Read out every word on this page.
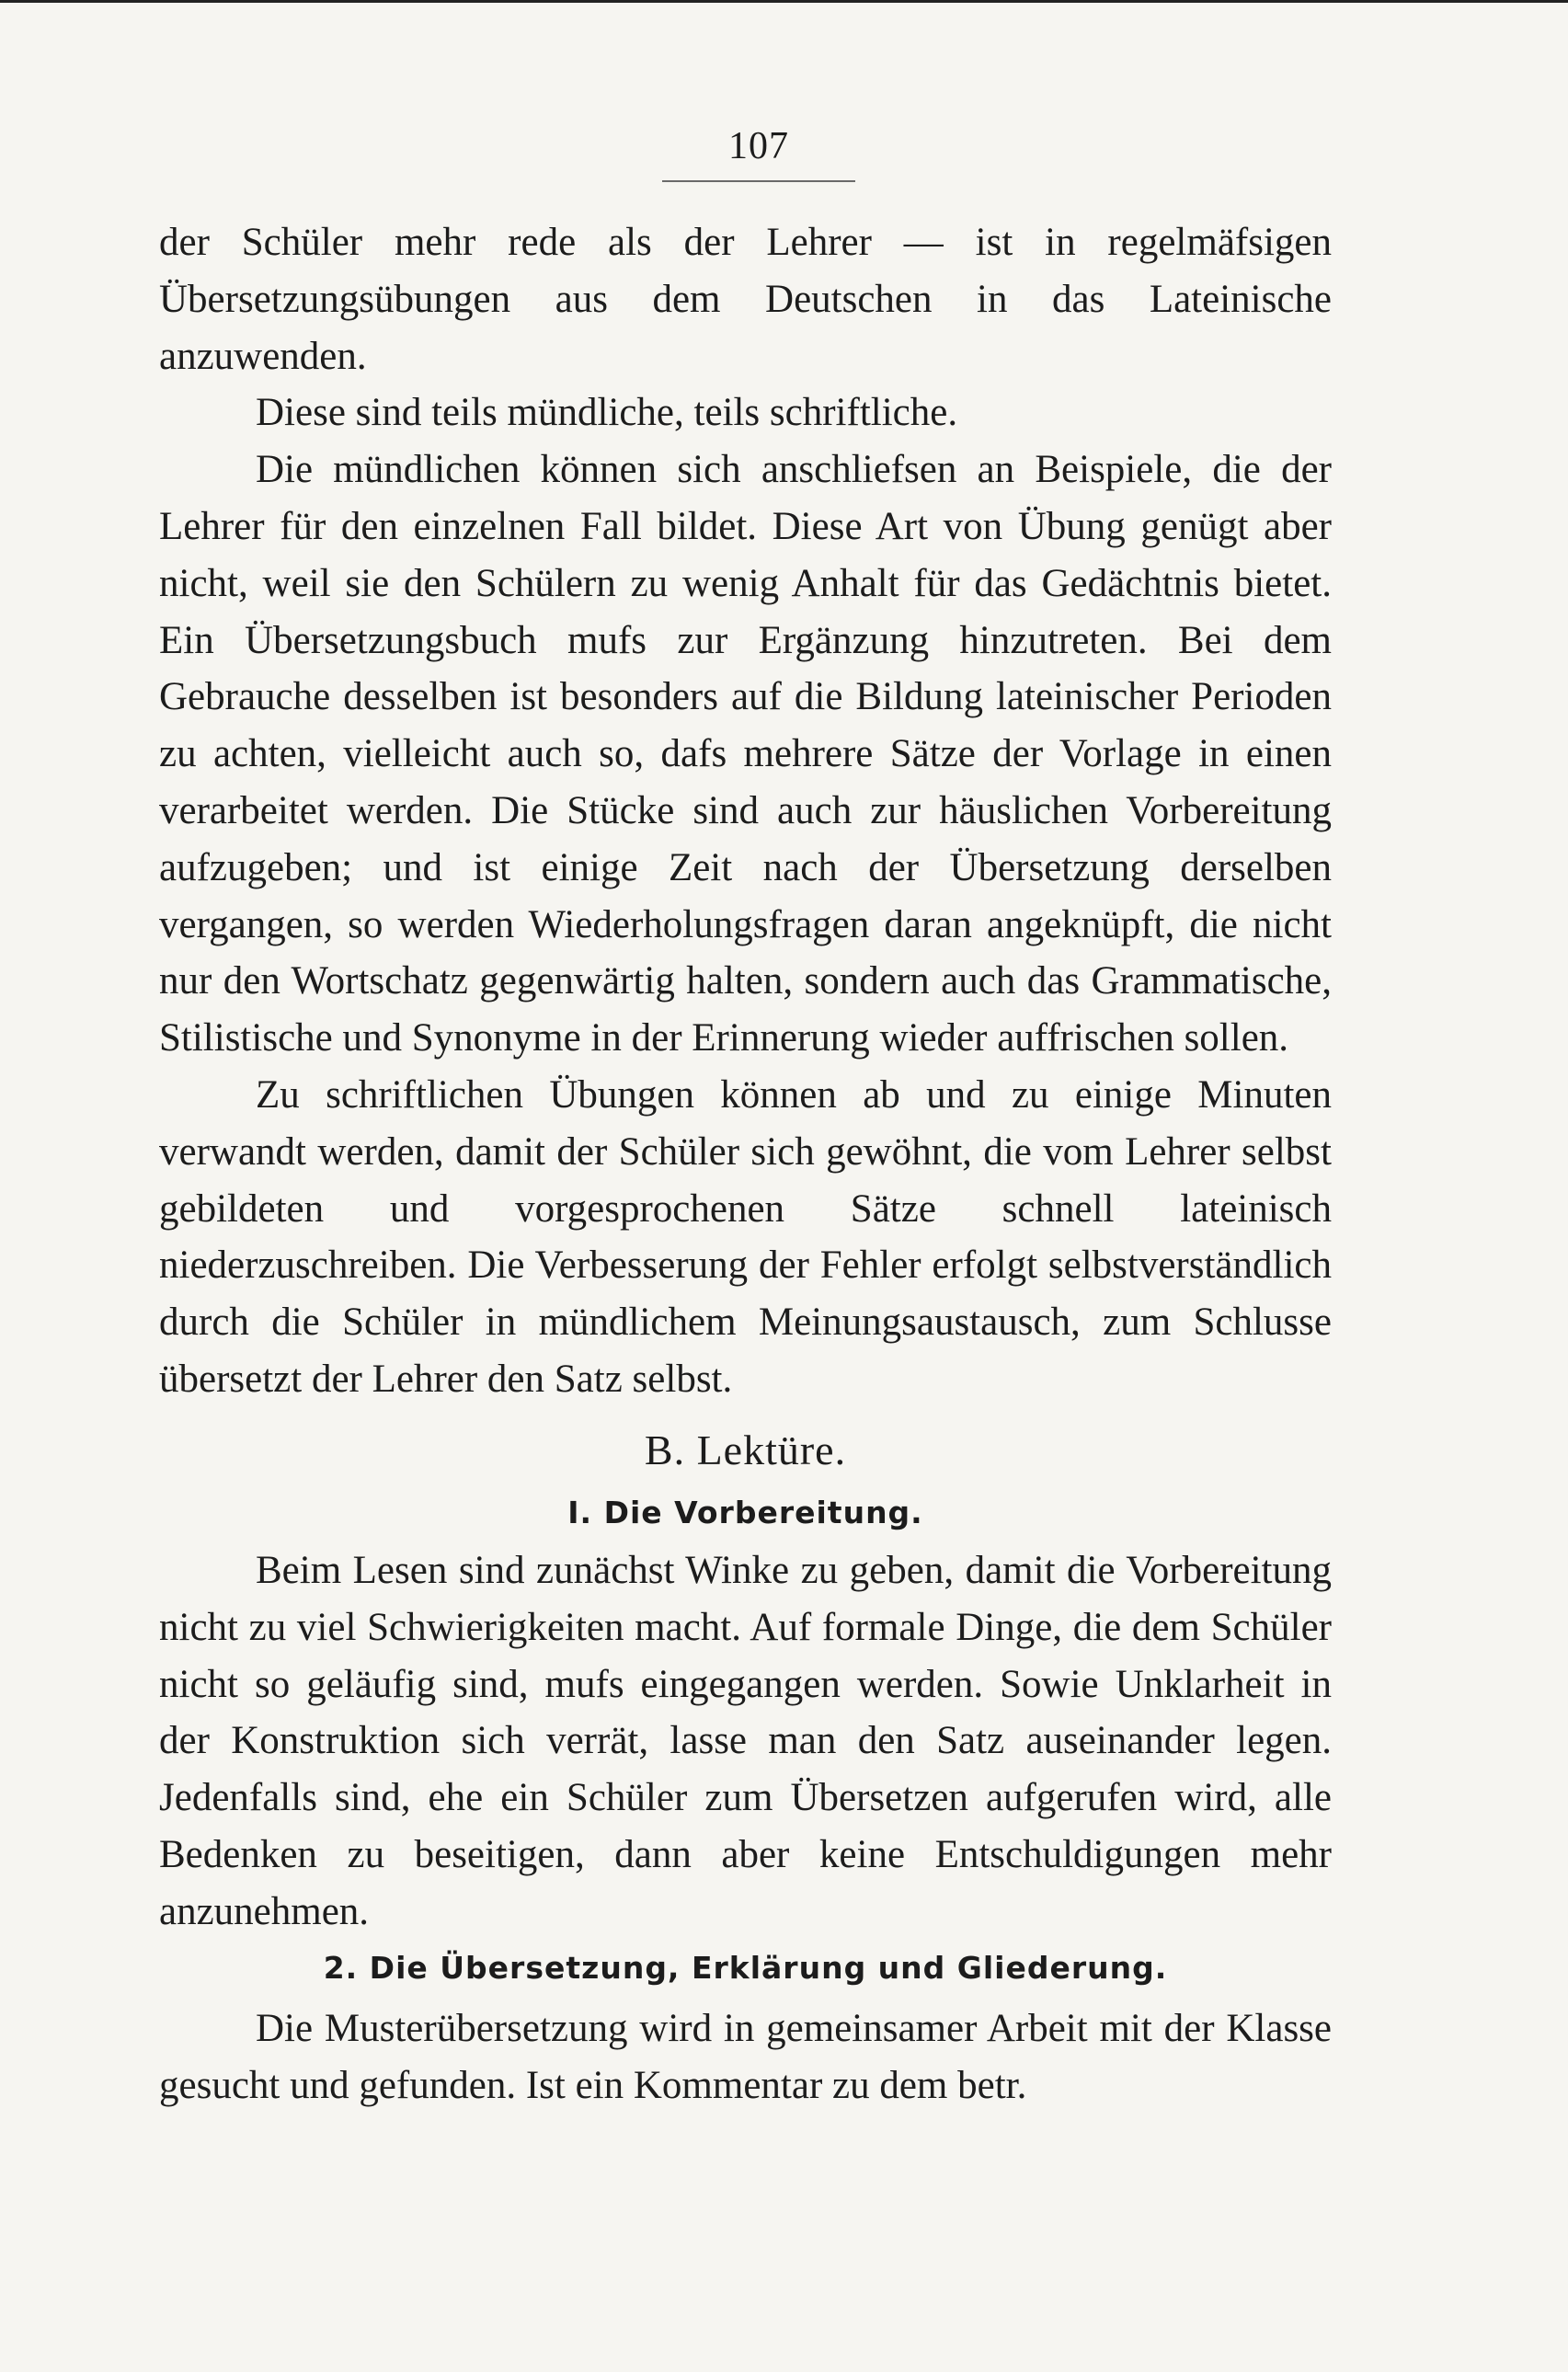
107

der Schüler mehr rede als der Lehrer — ist in regelmäfsigen Übersetzungsübungen aus dem Deutschen in das Lateinische anzuwenden.

Diese sind teils mündliche, teils schriftliche.

Die mündlichen können sich anschliefsen an Beispiele, die der Lehrer für den einzelnen Fall bildet. Diese Art von Übung genügt aber nicht, weil sie den Schülern zu wenig Anhalt für das Gedächtnis bietet. Ein Übersetzungsbuch mufs zur Ergänzung hinzutreten. Bei dem Gebrauche desselben ist besonders auf die Bildung lateinischer Perioden zu achten, vielleicht auch so, dafs mehrere Sätze der Vorlage in einen verarbeitet werden. Die Stücke sind auch zur häuslichen Vorbereitung aufzugeben; und ist einige Zeit nach der Übersetzung derselben vergangen, so werden Wiederholungsfragen daran angeknüpft, die nicht nur den Wortschatz gegenwärtig halten, sondern auch das Grammatische, Stilistische und Synonyme in der Erinnerung wieder auffrischen sollen.

Zu schriftlichen Übungen können ab und zu einige Minuten verwandt werden, damit der Schüler sich gewöhnt, die vom Lehrer selbst gebildeten und vorgesprochenen Sätze schnell lateinisch niederzuschreiben. Die Verbesserung der Fehler erfolgt selbstverständlich durch die Schüler in mündlichem Meinungsaustausch, zum Schlusse übersetzt der Lehrer den Satz selbst.

B. Lektüre.
I. Die Vorbereitung.

Beim Lesen sind zunächst Winke zu geben, damit die Vorbereitung nicht zu viel Schwierigkeiten macht. Auf formale Dinge, die dem Schüler nicht so geläufig sind, mufs eingegangen werden. Sowie Unklarheit in der Konstruktion sich verrät, lasse man den Satz auseinander legen. Jedenfalls sind, ehe ein Schüler zum Übersetzen aufgerufen wird, alle Bedenken zu beseitigen, dann aber keine Entschuldigungen mehr anzunehmen.

2. Die Übersetzung, Erklärung und Gliederung.

Die Musterübersetzung wird in gemeinsamer Arbeit mit der Klasse gesucht und gefunden. Ist ein Kommentar zu dem betr.
